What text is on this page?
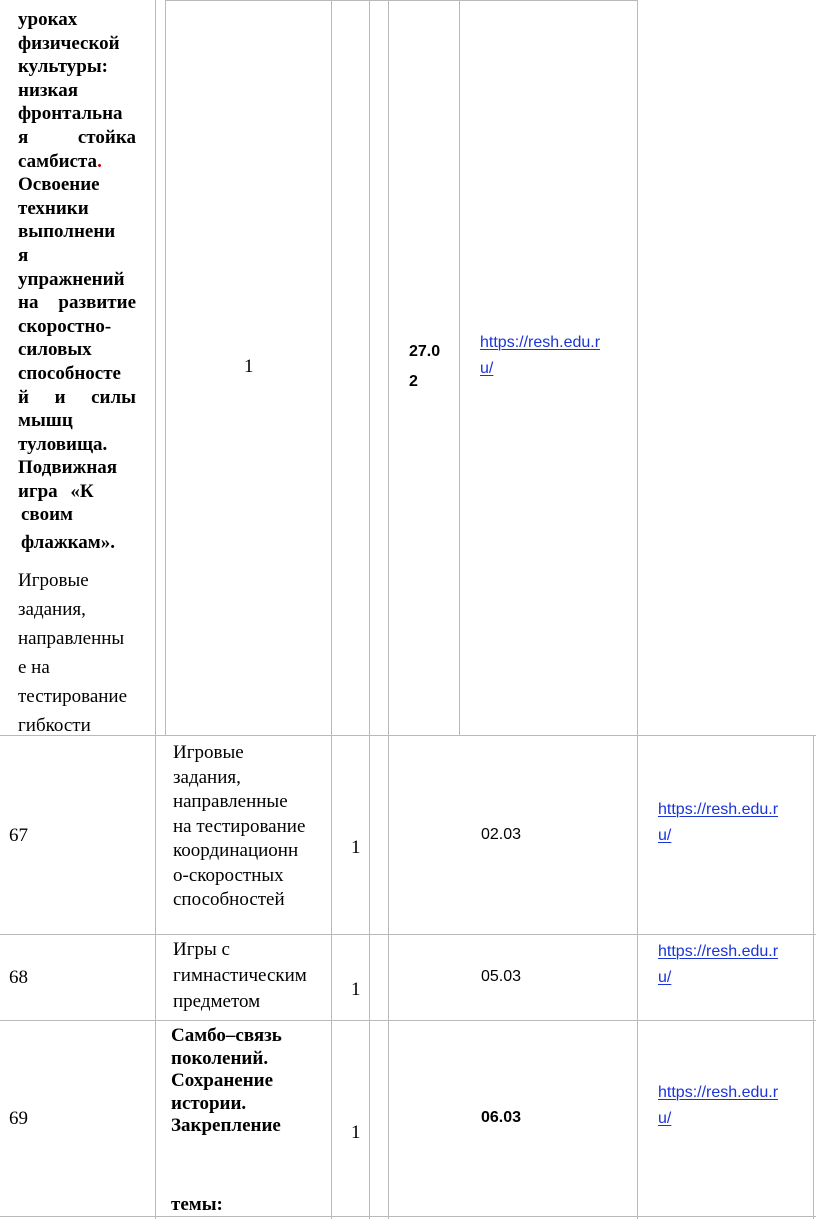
уроках
физической
культуры:
низкая
фронтальна
я	стойка
самбиста.
Освоение
техники
выполнени
я
упражнений
на развитие
скоростно-
силовых
способносте
й и силы
мышц
туловища.
Подвижная
игра «К
своим
флажкам».
Игровые
задания,
направленны
е на
тестирование
гибкости
1
27.0
2
https://resh.edu.r
u/
67
Игровые
задания,
направленные
на тестирование
координационн
о-скоростных
способностей
1
02.03
https://resh.edu.r
u/
68
Игры с
гимнастическим
предметом
1
05.03
https://resh.edu.r
u/
69
Самбо–связь
поколений.
Сохранение
истории.
Закрепление
темы:
1
06.03
https://resh.edu.r
u/
